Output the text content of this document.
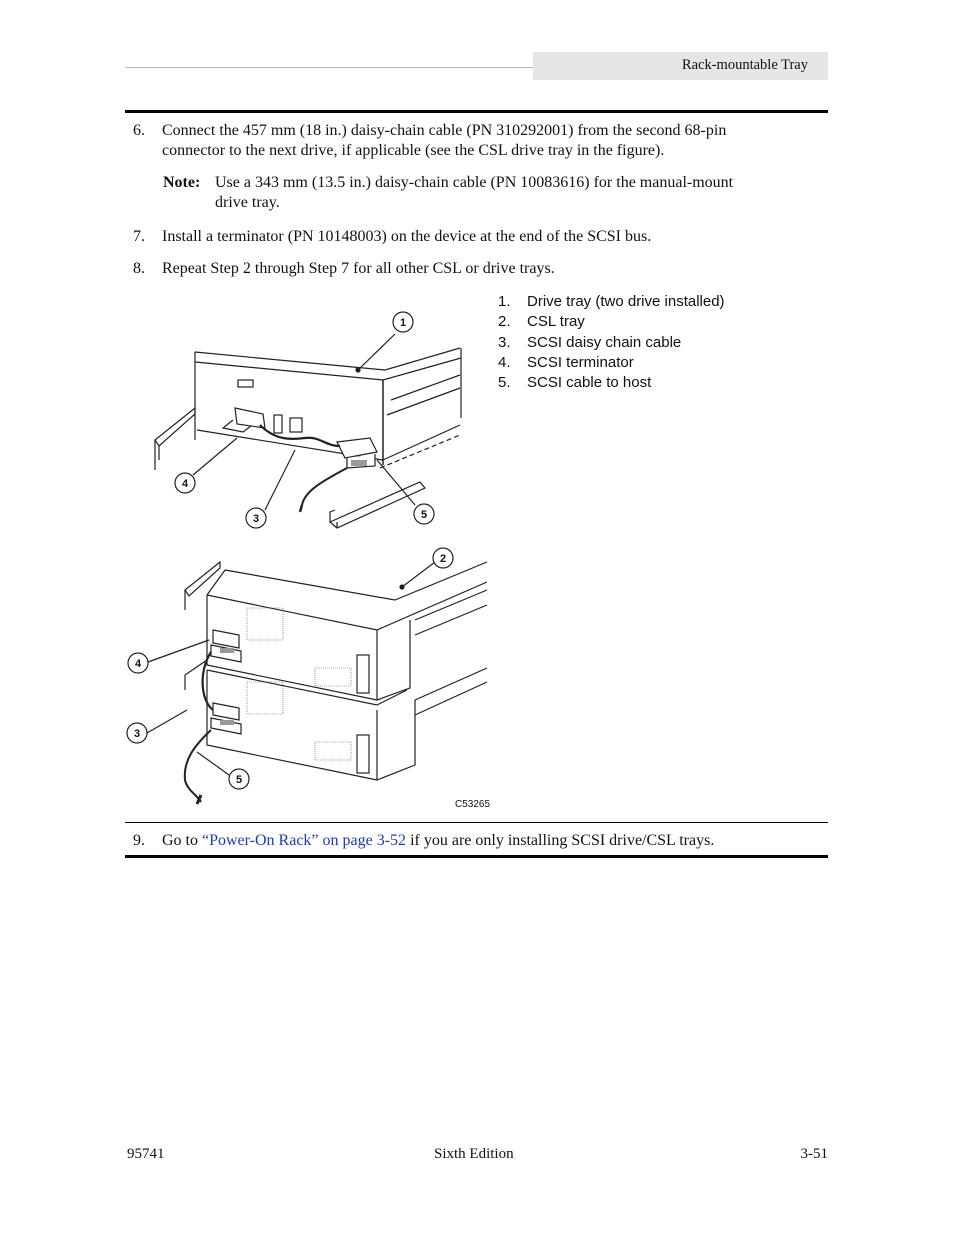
Rack-mountable Tray
6.	Connect the 457 mm (18 in.) daisy-chain cable (PN 310292001) from the second 68-pin
connector to the next drive, if applicable (see the CSL drive tray in the figure).
Note: Use a 343 mm (13.5 in.) daisy-chain cable (PN 10083616) for the manual-mount
drive tray.
7.	Install a terminator (PN 10148003) on the device at the end of the SCSI bus.
8.	Repeat Step 2 through Step 7 for all other CSL or drive trays.
1.	Drive tray (two drive installed)
2.	CSL tray
3.	SCSI daisy chain cable
4.	SCSI terminator
5.	SCSI cable to host
1
4
3	5
2
4
3
5
C53265
9.	Go to “Power-On Rack” on page 3-52 if you are only installing SCSI drive/CSL trays.
95741	Sixth Edition	3-51
